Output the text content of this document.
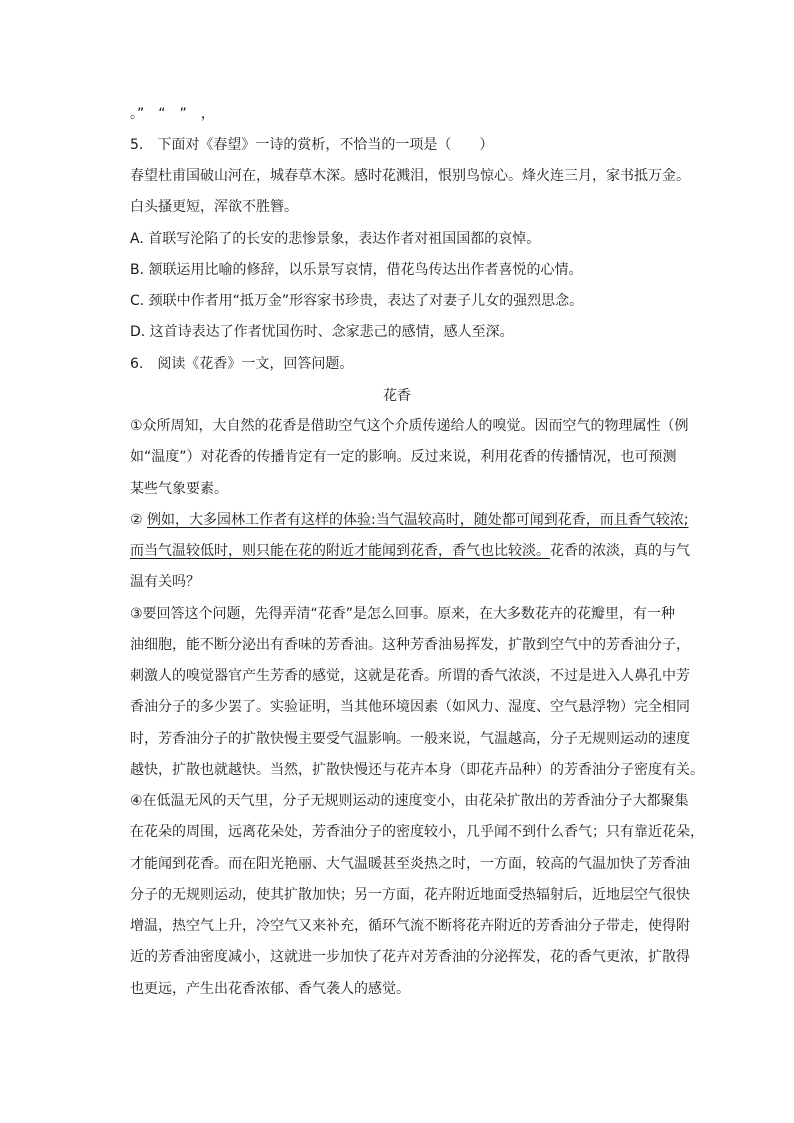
。”　“　”　，
5.　下面对《春望》一诗的赏析，不恰当的一项是（　　）
春望杜甫国破山河在，城春草木深。感时花溅泪，恨别鸟惊心。烽火连三月，家书抵万金。
白头搔更短，浑欲不胜簪。
A. 首联写沦陷了的长安的悲惨景象，表达作者对祖国国都的哀悼。
B. 颔联运用比喻的修辞，以乐景写哀情，借花鸟传达出作者喜悦的心情。
C. 颈联中作者用“抵万金”形容家书珍贵，表达了对妻子儿女的强烈思念。
D. 这首诗表达了作者忧国伤时、念家悲己的感情，感人至深。
6.　阅读《花香》一文，回答问题。
花香
①众所周知，大自然的花香是借助空气这个介质传递给人的嗅觉。因而空气的物理属性（例
如“温度”）对花香的传播肯定有一定的影响。反过来说，利用花香的传播情况，也可预测
某些气象要素。
② 例如，大多园林工作者有这样的体验:当气温较高时，随处都可闻到花香，而且香气较浓;
而当气温较低时，则只能在花的附近才能闻到花香，香气也比较淡。花香的浓淡，真的与气
温有关吗？
③要回答这个问题，先得弄清“花香”是怎么回事。原来，在大多数花卉的花瓣里，有一种
油细胞，能不断分泌出有香味的芳香油。这种芳香油易挥发，扩散到空气中的芳香油分子，
刺激人的嗅觉器官产生芳香的感觉，这就是花香。所谓的香气浓淡，不过是进入人鼻孔中芳
香油分子的多少罢了。实验证明，当其他环境因素（如风力、湿度、空气悬浮物）完全相同
时，芳香油分子的扩散快慢主要受气温影响。一般来说，气温越高，分子无规则运动的速度
越快，扩散也就越快。当然，扩散快慢还与花卉本身（即花卉品种）的芳香油分子密度有关。
④在低温无风的天气里，分子无规则运动的速度变小，由花朵扩散出的芳香油分子大都聚集
在花朵的周围，远离花朵处，芳香油分子的密度较小，几乎闻不到什么香气；只有靠近花朵，
才能闻到花香。而在阳光艳丽、大气温暖甚至炎热之时，一方面，较高的气温加快了芳香油
分子的无规则运动，使其扩散加快；另一方面，花卉附近地面受热辐射后，近地层空气很快
增温，热空气上升，冷空气又来补充，循环气流不断将花卉附近的芳香油分子带走，使得附
近的芳香油密度减小，这就进一步加快了花卉对芳香油的分泌挥发，花的香气更浓，扩散得
也更远，产生出花香浓郁、香气袭人的感觉。
